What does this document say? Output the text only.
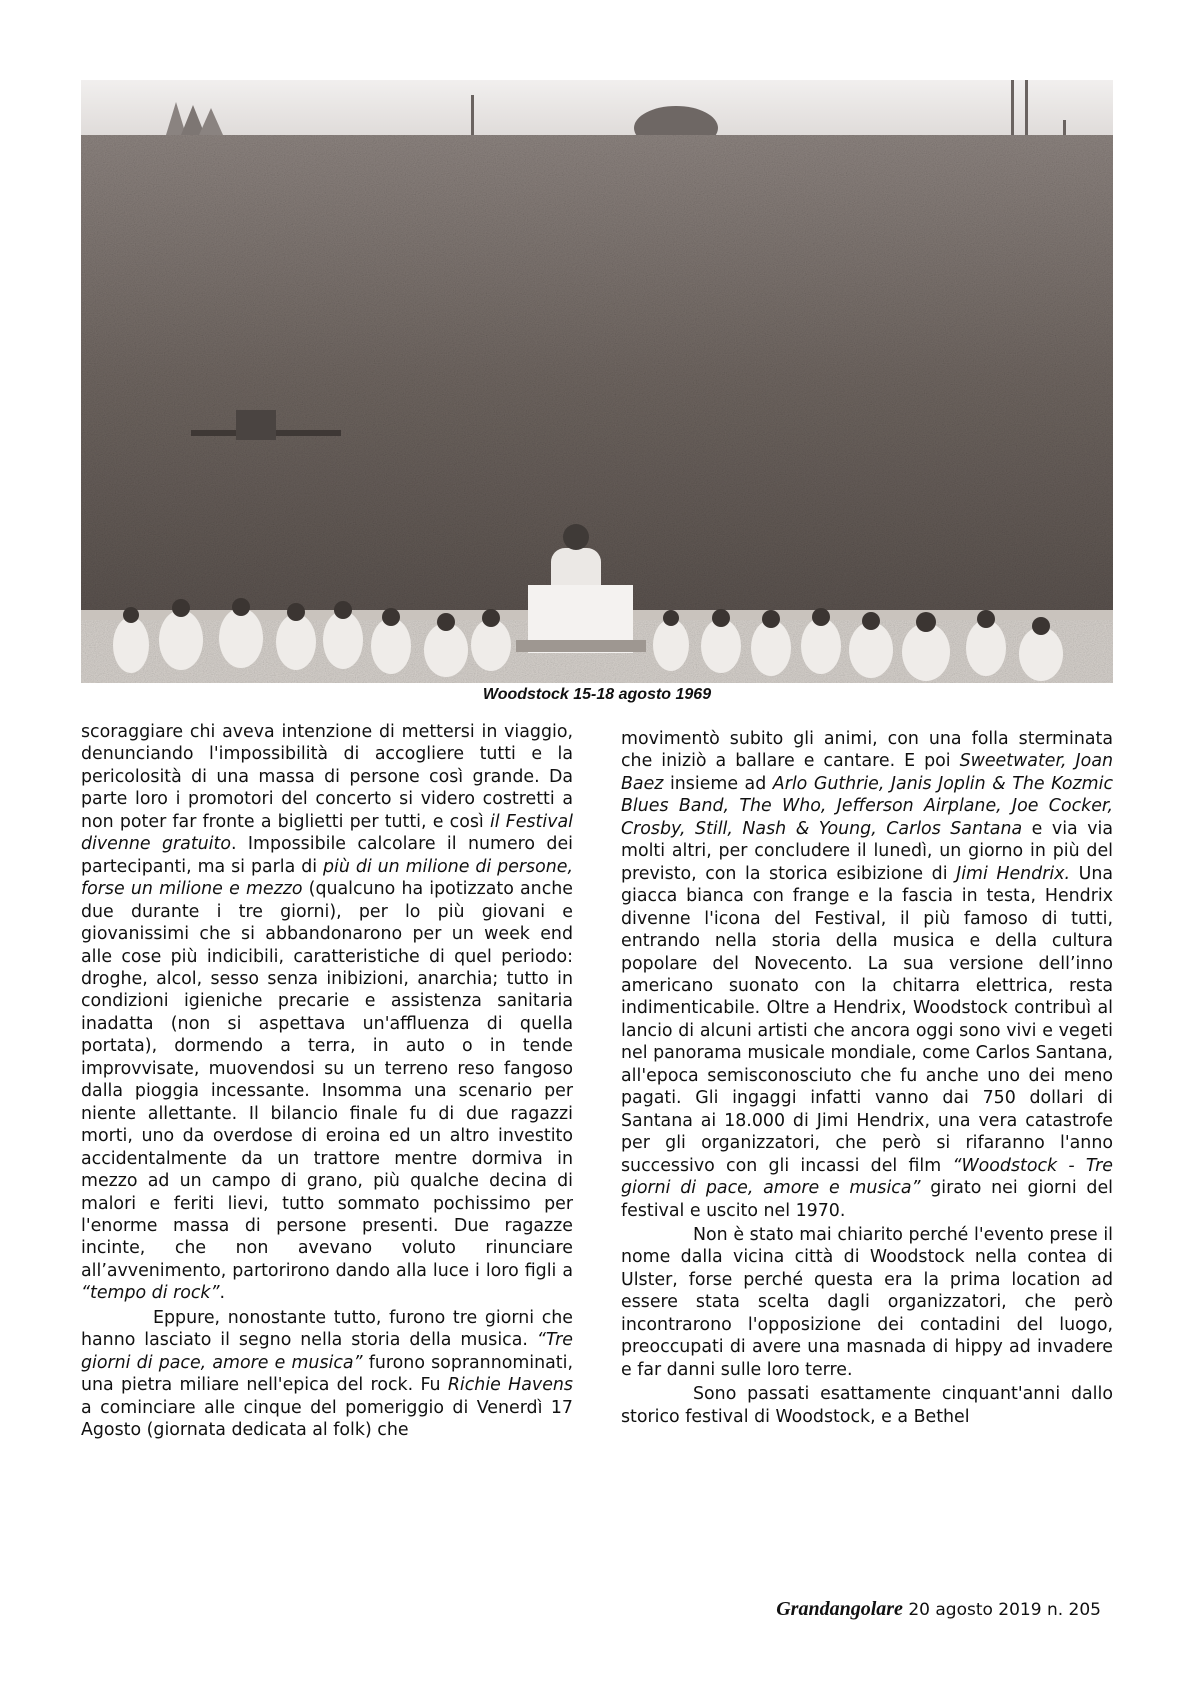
Woodstock 15-18 agosto 1969

scoraggiare chi aveva intenzione di mettersi in viaggio, denunciando l'impossibilità di accogliere tutti e la pericolosità di una massa di persone così grande. Da parte loro i promotori del concerto si videro costretti a non poter far fronte a biglietti per tutti, e così il Festival divenne gratuito. Impossibile calcolare il numero dei partecipanti, ma si parla di più di un milione di persone, forse un milione e mezzo (qualcuno ha ipotizzato anche due durante i tre giorni), per lo più giovani e giovanissimi che si abbandonarono per un week end alle cose più indicibili, caratteristiche di quel periodo: droghe, alcol, sesso senza inibizioni, anarchia; tutto in condizioni igieniche precarie e assistenza sanitaria inadatta (non si aspettava un'affluenza di quella portata), dormendo a terra, in auto o in tende improvvisate, muovendosi su un terreno reso fangoso dalla pioggia incessante. Insomma una scenario per niente allettante. Il bilancio finale fu di due ragazzi morti, uno da overdose di eroina ed un altro investito accidentalmente da un trattore mentre dormiva in mezzo ad un campo di grano, più qualche decina di malori e feriti lievi, tutto sommato pochissimo per l'enorme massa di persone presenti. Due ragazze incinte, che non avevano voluto rinunciare all’avvenimento, partorirono dando alla luce i loro figli a “tempo di rock”.

Eppure, nonostante tutto, furono tre giorni che hanno lasciato il segno nella storia della musica. “Tre giorni di pace, amore e musica” furono soprannominati, una pietra miliare nell'epica del rock. Fu Richie Havens a cominciare alle cinque del pomeriggio di Venerdì 17 Agosto (giornata dedicata al folk) che

movimentò subito gli animi, con una folla sterminata che iniziò a ballare e cantare. E poi Sweetwater, Joan Baez insieme ad Arlo Guthrie, Janis Joplin & The Kozmic Blues Band, The Who, Jefferson Airplane, Joe Cocker, Crosby, Still, Nash & Young, Carlos Santana e via via molti altri, per concludere il lunedì, un giorno in più del previsto, con la storica esibizione di Jimi Hendrix. Una giacca bianca con frange e la fascia in testa, Hendrix divenne l'icona del Festival, il più famoso di tutti, entrando nella storia della musica e della cultura popolare del Novecento. La sua versione dell’inno americano suonato con la chitarra elettrica, resta indimenticabile. Oltre a Hendrix, Woodstock contribuì al lancio di alcuni artisti che ancora oggi sono vivi e vegeti nel panorama musicale mondiale, come Carlos Santana, all'epoca semisconosciuto che fu anche uno dei meno pagati. Gli ingaggi infatti vanno dai 750 dollari di Santana ai 18.000 di Jimi Hendrix, una vera catastrofe per gli organizzatori, che però si rifaranno l'anno successivo con gli incassi del film “Woodstock - Tre giorni di pace, amore e musica” girato nei giorni del festival e uscito nel 1970.

Non è stato mai chiarito perché l'evento prese il nome dalla vicina città di Woodstock nella contea di Ulster, forse perché questa era la prima location ad essere stata scelta dagli organizzatori, che però incontrarono l'opposizione dei contadini del luogo, preoccupati di avere una masnada di hippy ad invadere e far danni sulle loro terre.

Sono passati esattamente cinquant'anni dallo storico festival di Woodstock, e a Bethel

Grandangolare 20 agosto 2019 n. 205
